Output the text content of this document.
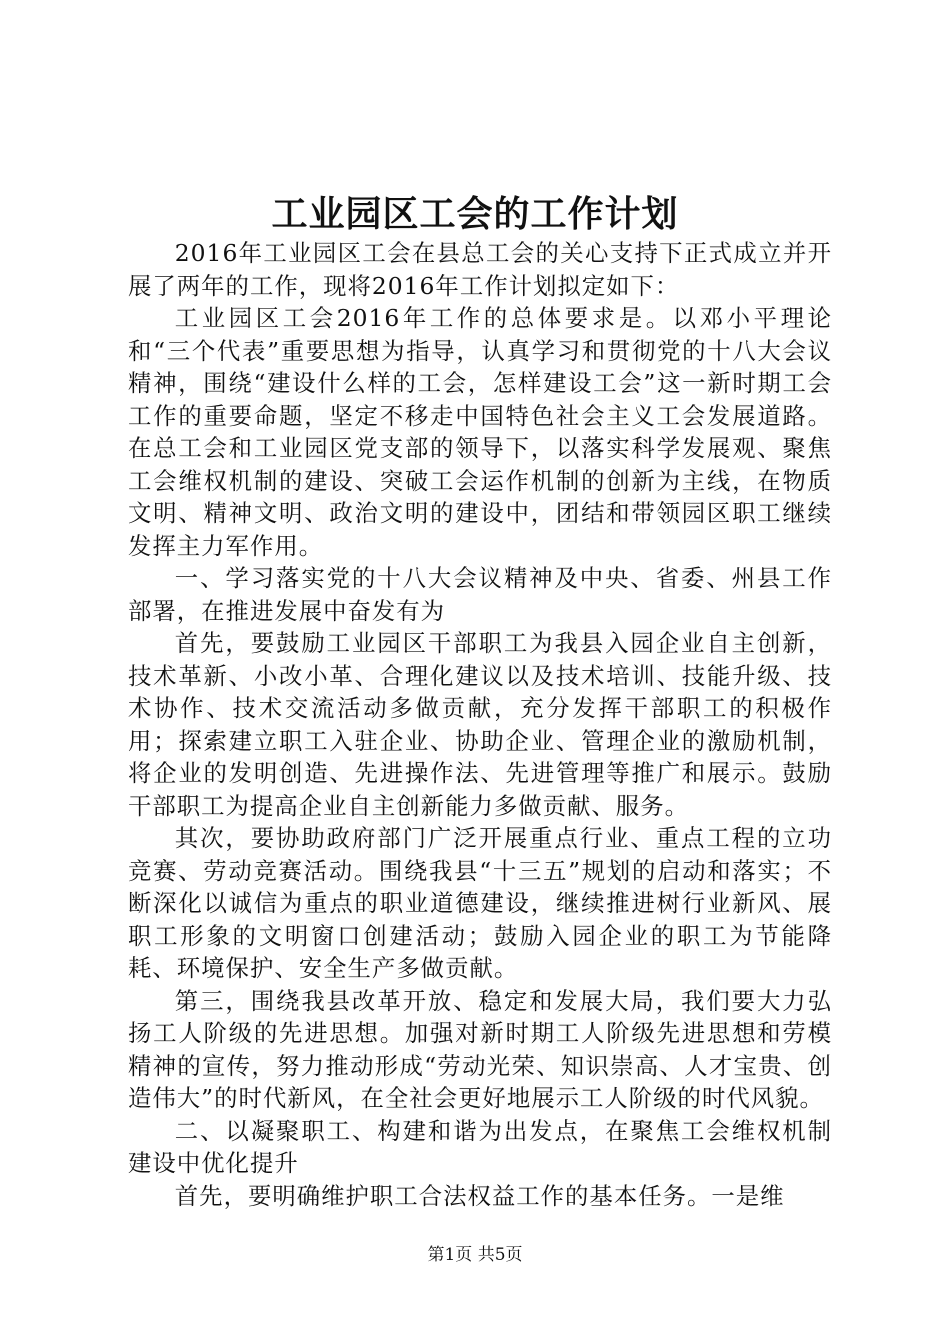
工业园区工会的工作计划

2016年工业园区工会在县总工会的关心支持下正式成立并开展了两年的工作，现将2016年工作计划拟定如下：

工业园区工会2016年工作的总体要求是。以邓小平理论和“三个代表”重要思想为指导，认真学习和贯彻党的十八大会议精神，围绕“建设什么样的工会，怎样建设工会”这一新时期工会工作的重要命题，坚定不移走中国特色社会主义工会发展道路。在总工会和工业园区党支部的领导下，以落实科学发展观、聚焦工会维权机制的建设、突破工会运作机制的创新为主线，在物质文明、精神文明、政治文明的建设中，团结和带领园区职工继续发挥主力军作用。

一、学习落实党的十八大会议精神及中央、省委、州县工作部署，在推进发展中奋发有为

首先，要鼓励工业园区干部职工为我县入园企业自主创新，技术革新、小改小革、合理化建议以及技术培训、技能升级、技术协作、技术交流活动多做贡献，充分发挥干部职工的积极作用；探索建立职工入驻企业、协助企业、管理企业的激励机制，将企业的发明创造、先进操作法、先进管理等推广和展示。鼓励干部职工为提高企业自主创新能力多做贡献、服务。

其次，要协助政府部门广泛开展重点行业、重点工程的立功竞赛、劳动竞赛活动。围绕我县“十三五”规划的启动和落实；不断深化以诚信为重点的职业道德建设，继续推进树行业新风、展职工形象的文明窗口创建活动；鼓励入园企业的职工为节能降耗、环境保护、安全生产多做贡献。

第三，围绕我县改革开放、稳定和发展大局，我们要大力弘扬工人阶级的先进思想。加强对新时期工人阶级先进思想和劳模精神的宣传，努力推动形成“劳动光荣、知识崇高、人才宝贵、创造伟大”的时代新风，在全社会更好地展示工人阶级的时代风貌。

二、以凝聚职工、构建和谐为出发点，在聚焦工会维权机制建设中优化提升

首先，要明确维护职工合法权益工作的基本任务。一是维

第1页 共5页
